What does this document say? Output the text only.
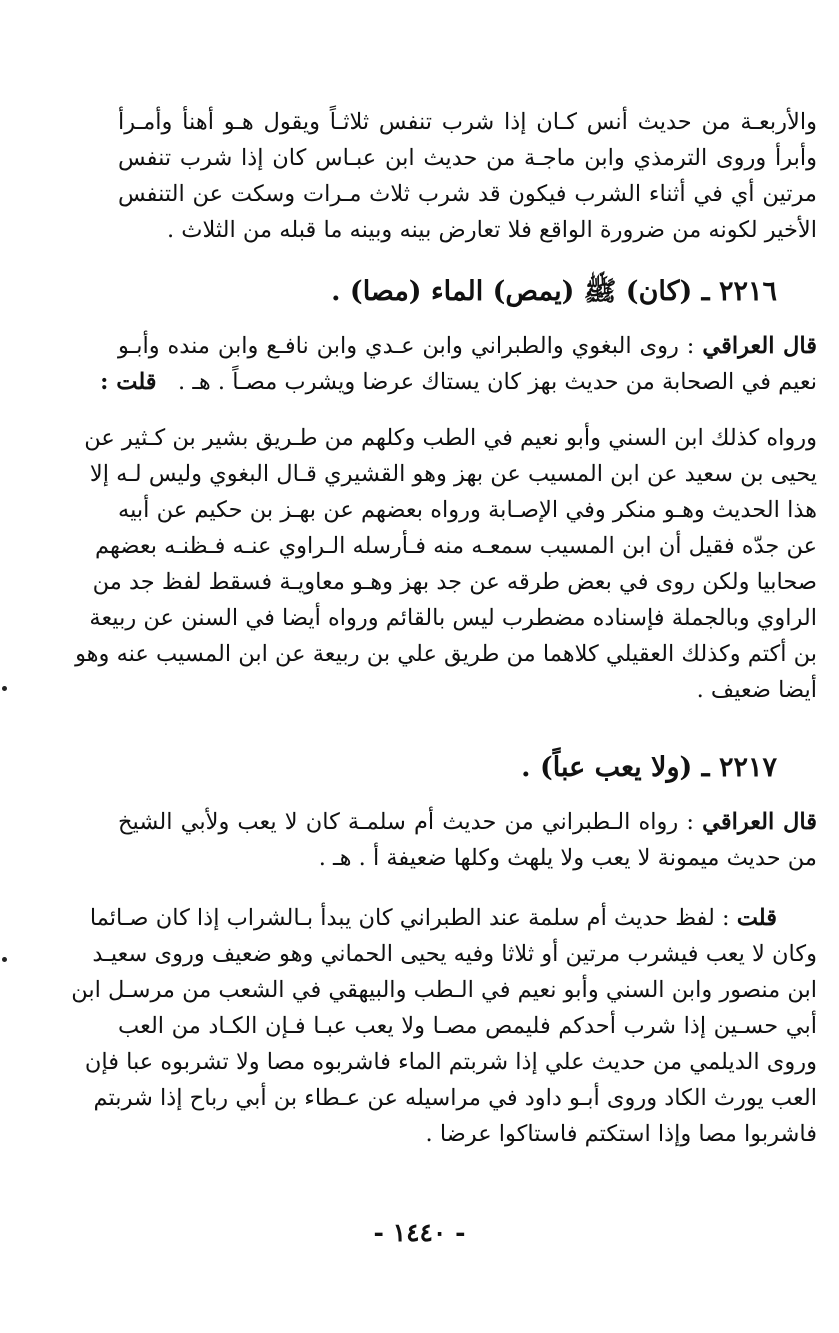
والأربعـة من حديث أنس كـان إذا شرب تنفس ثلاثـاً ويقول هـو أهنأ وأمـرأ
وأبرأ وروى الترمذي وابن ماجـة من حديث ابن عبـاس كان إذا شرب تنفس
مرتين أي في أثناء الشرب فيكون قد شرب ثلاث مـرات وسكت عن التنفس
الأخير لكونه من ضرورة الواقع فلا تعارض بينه وبينه ما قبله من الثلاث .
٢٢١٦ ـ (كان) ﷺ (يمص) الماء (مصا) .
قال العراقي : روى البغوي والطبراني وابن عـدي وابن نافـع وابن منده وأبـو
نعيم في الصحابة من حديث بهز كان يستاك عرضا ويشرب مصـاً . هـ .   قلت :
ورواه كذلك ابن السني وأبو نعيم في الطب وكلهم من طـريق بشير بن كـثير عن
يحيى بن سعيد عن ابن المسيب عن بهز وهو القشيري قـال البغوي وليس لـه إلا
هذا الحديث وهـو منكر وفي الإصـابة ورواه بعضهم عن بهـز بن حكيم عن أبيه
عن جدّه فقيل أن ابن المسيب سمعـه منه فـأرسله الـراوي عنـه فـظنـه بعضهم
صحابيا ولكن روى في بعض طرقه عن جد بهز وهـو معاويـة فسقط لفظ جد من
الراوي وبالجملة فإسناده مضطرب ليس بالقائم ورواه أيضا في السنن عن ربيعة
بن أكتم وكذلك العقيلي كلاهما من طريق علي بن ربيعة عن ابن المسيب عنه وهو
أيضا ضعيف .
٢٢١٧ ـ (ولا يعب عباً) .
قال العراقي : رواه الـطبراني من حديث أم سلمـة كان لا يعب ولأبي الشيخ
من حديث ميمونة لا يعب ولا يلهث وكلها ضعيفة أ . هـ .
قلت : لفظ حديث أم سلمة عند الطبراني كان يبدأ بـالشراب إذا كان صـائما
وكان لا يعب فيشرب مرتين أو ثلاثا وفيه يحيى الحماني وهو ضعيف وروى سعيـد
ابن منصور وابن السني وأبو نعيم في الـطب والبيهقي في الشعب من مرسـل ابن
أبي حسـين إذا شرب أحدكم فليمص مصـا ولا يعب عبـا فـإن الكـاد من العب
وروى الديلمي من حديث علي إذا شربتم الماء فاشربوه مصا ولا تشربوه عبا فإن
العب يورث الكاد وروى أبـو داود في مراسيله عن عـطاء بن أبي رباح إذا شربتم
فاشربوا مصا وإذا استكتم فاستاكوا عرضا .
- ١٤٤٠ -
